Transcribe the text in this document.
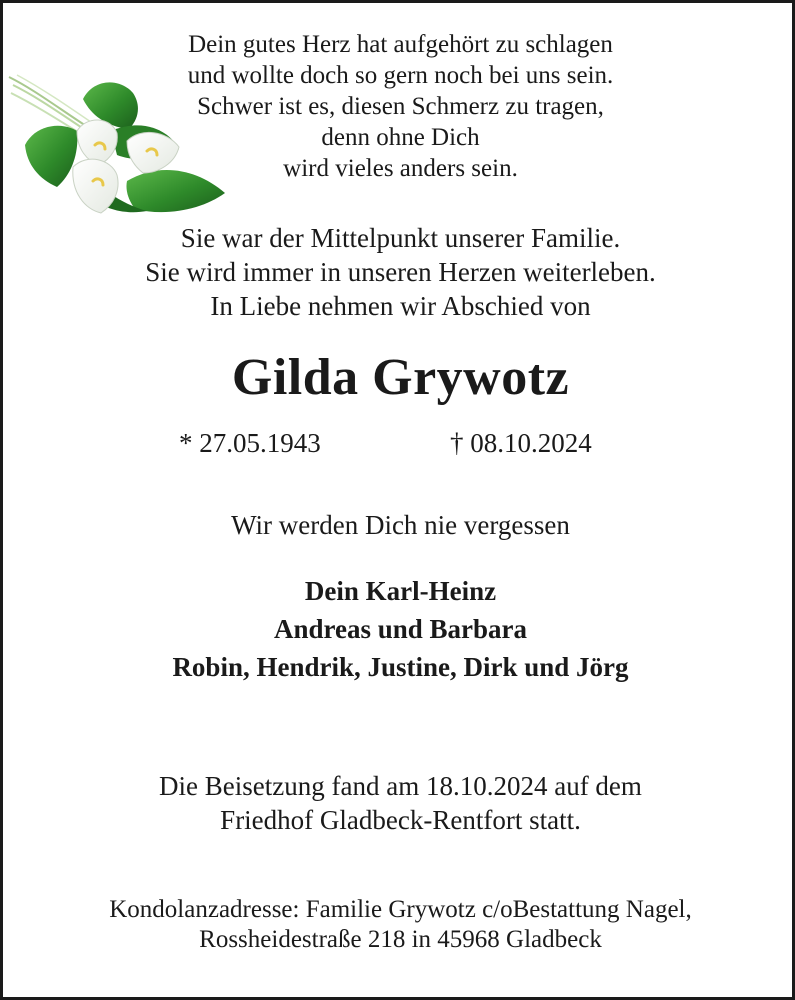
Dein gutes Herz hat aufgehört zu schlagen
und wollte doch so gern noch bei uns sein.
Schwer ist es, diesen Schmerz zu tragen,
denn ohne Dich
wird vieles anders sein.
Sie war der Mittelpunkt unserer Familie.
Sie wird immer in unseren Herzen weiterleben.
In Liebe nehmen wir Abschied von
Gilda Grywotz
* 27.05.1943	† 08.10.2024
Wir werden Dich nie vergessen
Dein Karl-Heinz
Andreas und Barbara
Robin, Hendrik, Justine, Dirk und Jörg
Die Beisetzung fand am 18.10.2024 auf dem
Friedhof Gladbeck-Rentfort statt.
Kondolanzadresse: Familie Grywotz c/oBestattung Nagel,
Rossheidestraße 218 in 45968 Gladbeck
